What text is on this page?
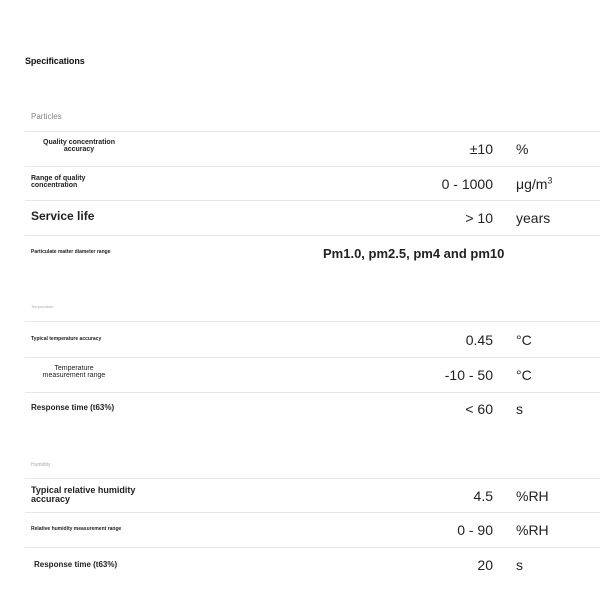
Specifications
Particles
Quality concentration accuracy	±10 %
Range of quality concentration	0 - 1000 $\mu g/m^3$
Service life	> 10 years
Particulate matter diameter range	Pm1.0, pm2.5, pm4 and pm10
Temperature
Typical temperature accuracy	0.45 °C
Temperature measurement range	-10 - 50 °C
Response time (t63%)	< 60 s
Humidity
Typical relative humidity accuracy	4.5 %RH
Relative humidity measurement range	0 - 90 %RH
Response time (t63%)	20 s
